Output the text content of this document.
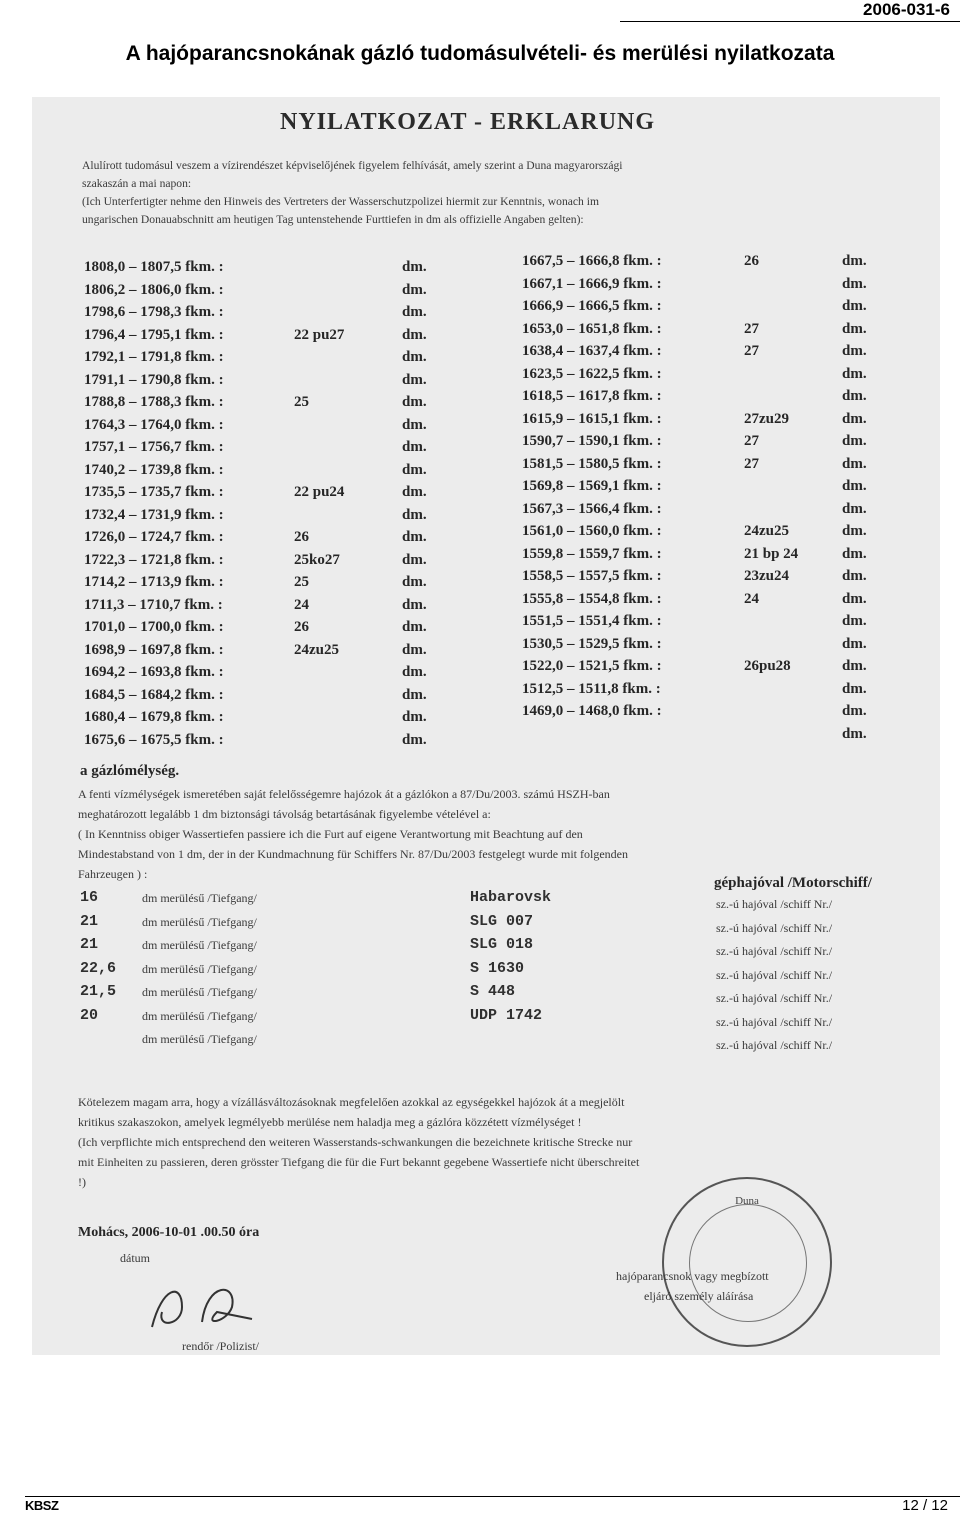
2006-031-6
A hajóparancsnokának gázló tudomásulvételi- és merülési nyilatkozata
NYILATKOZAT - ERKLARUNG
Alulírott tudomásul veszem a vízirendészet képviselőjének figyelem felhívását, amely szerint a Duna magyarországi
szakaszán a mai napon:
(Ich Unterfertigter nehme den Hinweis des Vertreters der Wasserschutzpolizei hiermit zur Kenntnis, wonach im
ungarischen Donauabschnitt am heutigen Tag untenstehende Furttiefen in dm als offizielle Angaben gelten):
1808,0 – 1807,5 fkm. :	dm.
1806,2 – 1806,0 fkm. :	dm.
1798,6 – 1798,3 fkm. :	dm.
1796,4 – 1795,1 fkm. :	22 pu27	dm.
1792,1 – 1791,8 fkm. :	dm.
1791,1 – 1790,8 fkm. :	dm.
1788,8 – 1788,3 fkm. :	25	dm.
1764,3 – 1764,0 fkm. :	dm.
1757,1 – 1756,7 fkm. :	dm.
1740,2 – 1739,8 fkm. :	dm.
1735,5 – 1735,7 fkm. :	22 pu24	dm.
1732,4 – 1731,9 fkm. :	dm.
1726,0 – 1724,7 fkm. :	26	dm.
1722,3 – 1721,8 fkm. :	25ko27	dm.
1714,2 – 1713,9 fkm. :	25	dm.
1711,3 – 1710,7 fkm. :	24	dm.
1701,0 – 1700,0 fkm. :	26	dm.
1698,9 – 1697,8 fkm. :	24zu25	dm.
1694,2 – 1693,8 fkm. :	dm.
1684,5 – 1684,2 fkm. :	dm.
1680,4 – 1679,8 fkm. :	dm.
1675,6 – 1675,5 fkm. :	dm.
1667,5 – 1666,8 fkm. :	26	dm.
1667,1 – 1666,9 fkm. :	dm.
1666,9 – 1666,5 fkm. :	dm.
1653,0 – 1651,8 fkm. :	27	dm.
1638,4 – 1637,4 fkm. :	27	dm.
1623,5 – 1622,5 fkm. :	dm.
1618,5 – 1617,8 fkm. :	dm.
1615,9 – 1615,1 fkm. :	27zu29	dm.
1590,7 – 1590,1 fkm. :	27	dm.
1581,5 – 1580,5 fkm. :	27	dm.
1569,8 – 1569,1 fkm. :	dm.
1567,3 – 1566,4 fkm. :	dm.
1561,0 – 1560,0 fkm. :	24zu25	dm.
1559,8 – 1559,7 fkm. :	21 bp 24	dm.
1558,5 – 1557,5 fkm. :	23zu24	dm.
1555,8 – 1554,8 fkm. :	24	dm.
1551,5 – 1551,4 fkm. :	dm.
1530,5 – 1529,5 fkm. :	dm.
1522,0 – 1521,5 fkm. :	26pu28	dm.
1512,5 – 1511,8 fkm. :	dm.
1469,0 – 1468,0 fkm. :	dm.
dm.
a gázlómélység.
A fenti vízmélységek ismeretében saját felelősségemre hajózok át a gázlókon a 87/Du/2003. számú HSZH-ban
meghatározott legalább 1 dm biztonsági távolság betartásának figyelembe vételével a:
( In Kenntniss obiger Wassertiefen passiere ich die Furt auf eigene Verantwortung mit Beachtung auf den
Mindestabstand von 1 dm, der in der Kundmachnung für Schiffers Nr. 87/Du/2003 festgelegt wurde mit folgenden
Fahrzeugen ) :
géphajóval /Motorschiff/
16	dm merülésű /Tiefgang/	Habarovsk	sz.-ú hajóval /schiff Nr./
21	dm merülésű /Tiefgang/	SLG 007	sz.-ú hajóval /schiff Nr./
21	dm merülésű /Tiefgang/	SLG 018	sz.-ú hajóval /schiff Nr./
22,6 dm merülésű /Tiefgang/	S 1630	sz.-ú hajóval /schiff Nr./
21,5 dm merülésű /Tiefgang/	S 448	sz.-ú hajóval /schiff Nr./
20	dm merülésű /Tiefgang/	UDP 1742	sz.-ú hajóval /schiff Nr./
dm merülésű /Tiefgang/	sz.-ú hajóval /schiff Nr./
Kötelezem magam arra, hogy a vízállásváltozásoknak megfelelően azokkal az egységekkel hajózok át a megjelölt
kritikus szakaszokon, amelyek legmélyebb merülése nem haladja meg a gázlóra közzétett vízmélységet !
(Ich verpflichte mich entsprechend den weiteren Wasserstands-schwankungen die bezeichnete kritische Strecke nur
mit Einheiten zu passieren, deren grösster Tiefgang die für die Furt bekannt gegebene Wassertiefe nicht überschreitet
!)
Mohács, 2006-10-01 .00.50 óra
dátum
Duna
hajóparancsnok vagy megbízott
eljáró személy aláírása
rendőr /Polizist/
KBSZ	12 / 12
